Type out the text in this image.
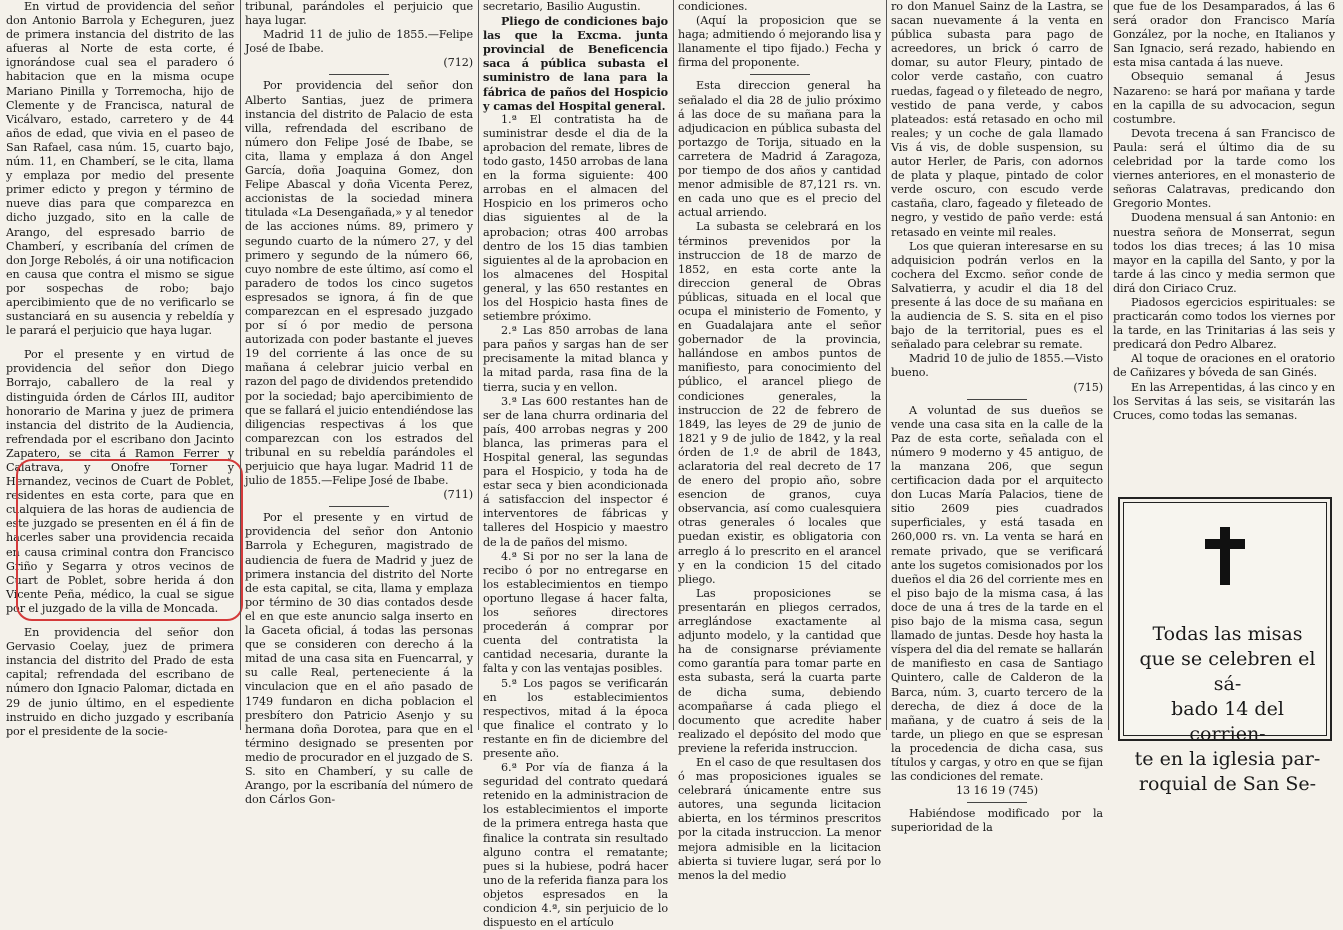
En virtud de providencia del señor don Antonio Barrola y Echeguren, juez de primera instancia del distrito de las afueras al Norte de esta corte, é ignorándose cual sea el paradero ó habitacion que en la misma ocupe Mariano Pinilla y Torremocha, hijo de Clemente y de Francisca, natural de Vicálvaro, estado, carretero y de 44 años de edad, que vivia en el paseo de San Rafael, casa núm. 15, cuarto bajo, núm. 11, en Chamberí, se le cita, llama y emplaza por medio del presente primer edicto y pregon y término de nueve dias para que comparezca en dicho juzgado, sito en la calle de Arango, del espresado barrio de Chamberí, y escribanía del crímen de don Jorge Rebolés, á oir una notificacion en causa que contra el mismo se sigue por sospechas de robo; bajo apercibimiento que de no verificarlo se sustanciará en su ausencia y rebeldía y le parará el perjuicio que haya lugar.

Por el presente y en virtud de providencia del señor don Diego Borrajo, caballero de la real y distinguida órden de Cárlos III, auditor honorario de Marina y juez de primera instancia del distrito de la Audiencia, refrendada por el escribano don Jacinto Zapatero, se cita á Ramon Ferrer y Calatrava, y Onofre Torner y Hernandez, vecinos de Cuart de Poblet, residentes en esta corte, para que en cualquiera de las horas de audiencia de este juzgado se presenten en él á fin de hacerles saber una providencia recaida en causa criminal contra don Francisco Griño y Segarra y otros vecinos de Cuart de Poblet, sobre herida á don Vicente Peña, médico, la cual se sigue por el juzgado de la villa de Moncada.

En providencia del señor don Gervasio Coelay, juez de primera instancia del distrito del Prado de esta capital; refrendada del escribano de número don Ignacio Palomar, dictada en 29 de junio último, en el espediente instruido en dicho juzgado y escribanía por el presidente de la socie-

tribunal, parándoles el perjuicio que haya lugar.

Madrid 11 de julio de 1855.—Felipe José de Ibabe.

(712)

Por providencia del señor don Alberto Santias, juez de primera instancia del distrito de Palacio de esta villa, refrendada del escribano de número don Felipe José de Ibabe, se cita, llama y emplaza á don Angel García, doña Joaquina Gomez, don Felipe Abascal y doña Vicenta Perez, accionistas de la sociedad minera titulada «La Desengañada,» y al tenedor de las acciones núms. 89, primero y segundo cuarto de la número 27, y del primero y segundo de la número 66, cuyo nombre de este último, así como el paradero de todos los cinco sugetos espresados se ignora, á fin de que comparezcan en el espresado juzgado por sí ó por medio de persona autorizada con poder bastante el jueves 19 del corriente á las once de su mañana á celebrar juicio verbal en razon del pago de dividendos pretendido por la sociedad; bajo apercibimiento de que se fallará el juicio entendiéndose las diligencias respectivas á los que comparezcan con los estrados del tribunal en su rebeldía parándoles el perjuicio que haya lugar. Madrid 11 de julio de 1855.—Felipe José de Ibabe.

(711)

Por el presente y en virtud de providencia del señor don Antonio Barrola y Echeguren, magistrado de audiencia de fuera de Madrid y juez de primera instancia del distrito del Norte de esta capital, se cita, llama y emplaza por término de 30 dias contados desde el en que este anuncio salga inserto en la Gaceta oficial, á todas las personas que se consideren con derecho á la mitad de una casa sita en Fuencarral, y su calle Real, perteneciente á la vinculacion que en el año pasado de 1749 fundaron en dicha poblacion el presbítero don Patricio Asenjo y su hermana doña Dorotea, para que en el término designado se presenten por medio de procurador en el juzgado de S. S. sito en Chamberí, y su calle de Arango, por la escribanía del número de don Cárlos Gon-

secretario, Basilio Augustin.

Pliego de condiciones bajo las que la Excma. junta provincial de Beneficencia saca á pública subasta el suministro de lana para la fábrica de paños del Hospicio y camas del Hospital general.

1.ª El contratista ha de suministrar desde el dia de la aprobacion del remate, libres de todo gasto, 1450 arrobas de lana en la forma siguiente: 400 arrobas en el almacen del Hospicio en los primeros ocho dias siguientes al de la aprobacion; otras 400 arrobas dentro de los 15 dias tambien siguientes al de la aprobacion en los almacenes del Hospital general, y las 650 restantes en los del Hospicio hasta fines de setiembre próximo.

2.ª Las 850 arrobas de lana para paños y sargas han de ser precisamente la mitad blanca y la mitad parda, rasa fina de la tierra, sucia y en vellon.

3.ª Las 600 restantes han de ser de lana churra ordinaria del país, 400 arrobas negras y 200 blanca, las primeras para el Hospital general, las segundas para el Hospicio, y toda ha de estar seca y bien acondicionada á satisfaccion del inspector é interventores de fábricas y talleres del Hospicio y maestro de la de paños del mismo.

4.ª Si por no ser la lana de recibo ó por no entregarse en los establecimientos en tiempo oportuno llegase á hacer falta, los señores directores procederán á comprar por cuenta del contratista la cantidad necesaria, durante la falta y con las ventajas posibles.

5.ª Los pagos se verificarán en los establecimientos respectivos, mitad á la época que finalice el contrato y lo restante en fin de diciembre del presente año.

6.ª Por vía de fianza á la seguridad del contrato quedará retenido en la administracion de los establecimientos el importe de la primera entrega hasta que finalice la contrata sin resultado alguno contra el rematante; pues si la hubiese, podrá hacer uno de la referida fianza para los objetos espresados en la condicion 4.ª, sin perjuicio de lo dispuesto en el artículo

condiciones.

(Aquí la proposicion que se haga; admitiendo ó mejorando lisa y llanamente el tipo fijado.) Fecha y firma del proponente.

Esta direccion general ha señalado el dia 28 de julio próximo á las doce de su mañana para la adjudicacion en pública subasta del portazgo de Torija, situado en la carretera de Madrid á Zaragoza, por tiempo de dos años y cantidad menor admisible de 87,121 rs. vn. en cada uno que es el precio del actual arriendo.

La subasta se celebrará en los términos prevenidos por la instruccion de 18 de marzo de 1852, en esta corte ante la direccion general de Obras públicas, situada en el local que ocupa el ministerio de Fomento, y en Guadalajara ante el señor gobernador de la provincia, hallándose en ambos puntos de manifiesto, para conocimiento del público, el arancel pliego de condiciones generales, la instruccion de 22 de febrero de 1849, las leyes de 29 de junio de 1821 y 9 de julio de 1842, y la real órden de 1.º de abril de 1843, aclaratoria del real decreto de 17 de enero del propio año, sobre esencion de granos, cuya observancia, así como cualesquiera otras generales ó locales que puedan existir, es obligatoria con arreglo á lo prescrito en el arancel y en la condicion 15 del citado pliego.

Las proposiciones se presentarán en pliegos cerrados, arreglándose exactamente al adjunto modelo, y la cantidad que ha de consignarse préviamente como garantía para tomar parte en esta subasta, será la cuarta parte de dicha suma, debiendo acompañarse á cada pliego el documento que acredite haber realizado el depósito del modo que previene la referida instruccion.

En el caso de que resultasen dos ó mas proposiciones iguales se celebrará únicamente entre sus autores, una segunda licitacion abierta, en los términos prescritos por la citada instruccion. La menor mejora admisible en la licitacion abierta si tuviere lugar, será por lo menos la del medio

ro don Manuel Sainz de la Lastra, se sacan nuevamente á la venta en pública subasta para pago de acreedores, un brick ó carro de domar, su autor Fleury, pintado de color verde castaño, con cuatro ruedas, fagead o y fileteado de negro, vestido de pana verde, y cabos plateados: está retasado en ocho mil reales; y un coche de gala llamado Vis á vis, de doble suspension, su autor Herler, de Paris, con adornos de plata y plaque, pintado de color verde oscuro, con escudo verde castaña, claro, fageado y fileteado de negro, y vestido de paño verde: está retasado en veinte mil reales.

Los que quieran interesarse en su adquisicion podrán verlos en la cochera del Excmo. señor conde de Salvatierra, y acudir el dia 18 del presente á las doce de su mañana en la audiencia de S. S. sita en el piso bajo de la territorial, pues es el señalado para celebrar su remate.

Madrid 10 de julio de 1855.—Visto bueno.

(715)

A voluntad de sus dueños se vende una casa sita en la calle de la Paz de esta corte, señalada con el número 9 moderno y 45 antiguo, de la manzana 206, que segun certificacion dada por el arquitecto don Lucas María Palacios, tiene de sitio 2609 pies cuadrados superficiales, y está tasada en 260,000 rs. vn. La venta se hará en remate privado, que se verificará ante los sugetos comisionados por los dueños el dia 26 del corriente mes en el piso bajo de la misma casa, á las doce de una á tres de la tarde en el piso bajo de la misma casa, segun llamado de juntas. Desde hoy hasta la víspera del dia del remate se hallarán de manifiesto en casa de Santiago Quintero, calle de Calderon de la Barca, núm. 3, cuarto tercero de la derecha, de diez á doce de la mañana, y de cuatro á seis de la tarde, un pliego en que se espresan la procedencia de dicha casa, sus títulos y cargas, y otro en que se fijan las condiciones del remate.

13 16 19 (745)

Habiéndose modificado por la superioridad de la

que fue de los Desamparados, á las 6 será orador don Francisco María González, por la noche, en Italianos y San Ignacio, será rezado, habiendo en esta misa cantada á las nueve.

Obsequio semanal á Jesus Nazareno: se hará por mañana y tarde en la capilla de su advocacion, segun costumbre.

Devota trecena á san Francisco de Paula: será el último dia de su celebridad por la tarde como los viernes anteriores, en el monasterio de señoras Calatravas, predicando don Gregorio Montes.

Duodena mensual á san Antonio: en nuestra señora de Monserrat, segun todos los dias treces; á las 10 misa mayor en la capilla del Santo, y por la tarde á las cinco y media sermon que dirá don Ciriaco Cruz.

Piadosos egercicios espirituales: se practicarán como todos los viernes por la tarde, en las Trinitarias á las seis y predicará don Pedro Albarez.

Al toque de oraciones en el oratorio de Cañizares y bóveda de san Ginés.

En las Arrepentidas, á las cinco y en los Servitas á las seis, se visitarán las Cruces, como todas las semanas.

Todas las misas
que se celebren el sá-
bado 14 del corrien-
te en la iglesia par-
roquial de San Se-
